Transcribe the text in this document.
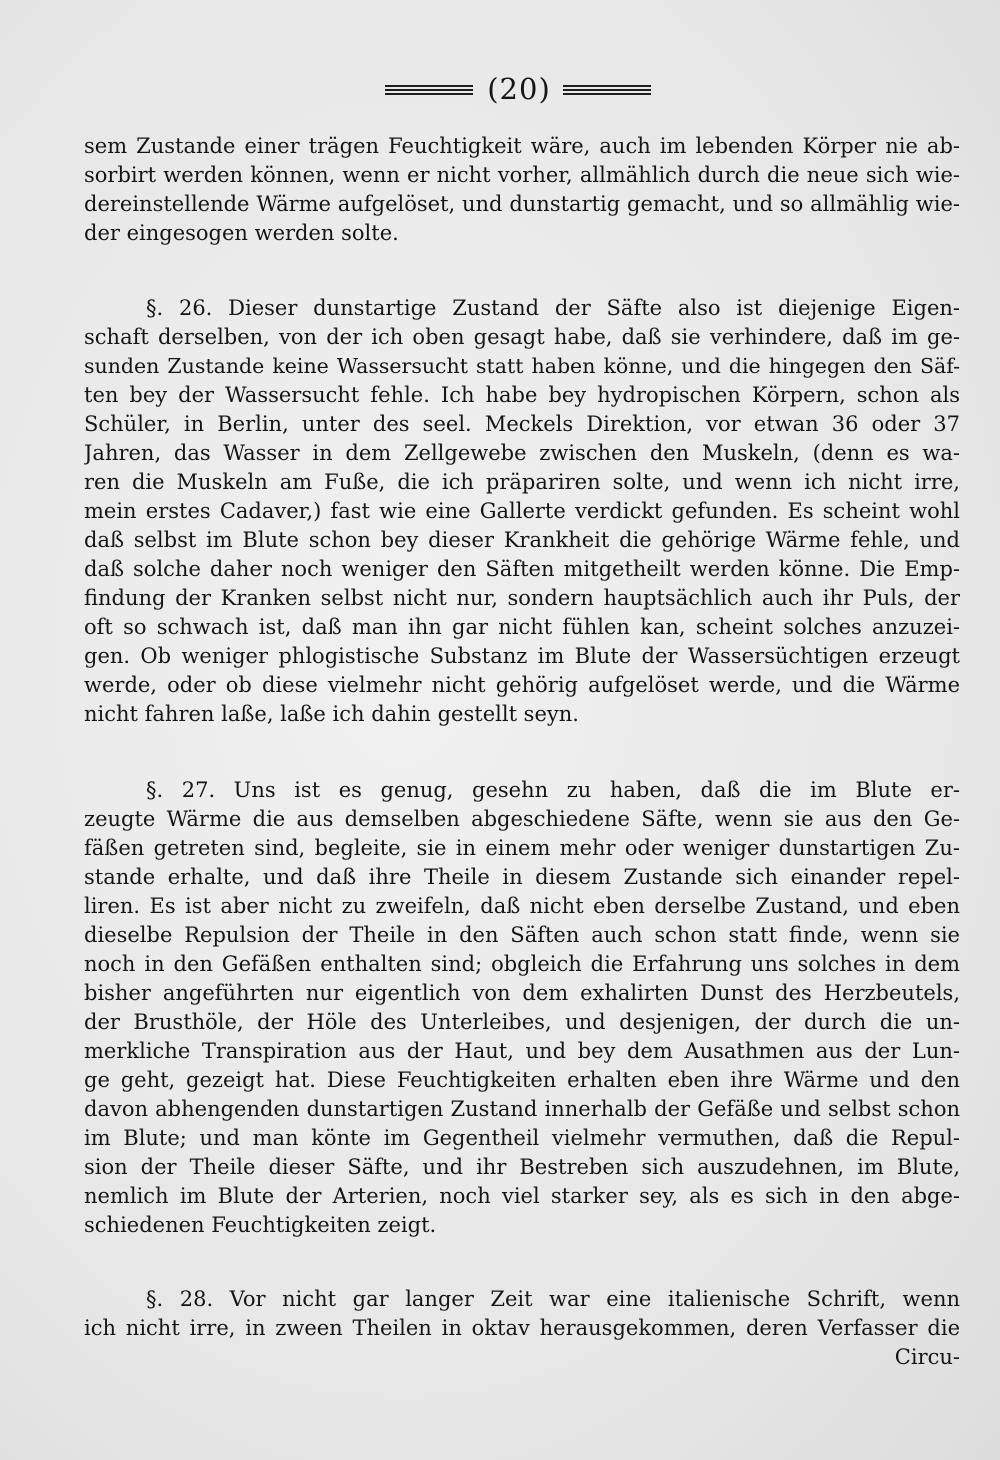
(20)
sem Zustande einer trägen Feuchtigkeit wäre, auch im lebenden Körper nie ab-
sorbirt werden können, wenn er nicht vorher, allmählich durch die neue sich wie-
dereinstellende Wärme aufgelöset, und dunstartig gemacht, und so allmählig wie-
der eingesogen werden solte.
§. 26. Dieser dunstartige Zustand der Säfte also ist diejenige Eigen-
schaft derselben, von der ich oben gesagt habe, daß sie verhindere, daß im ge-
sunden Zustande keine Wassersucht statt haben könne, und die hingegen den Säf-
ten bey der Wassersucht fehle. Ich habe bey hydropischen Körpern, schon als
Schüler, in Berlin, unter des seel. Meckels Direktion, vor etwan 36 oder 37
Jahren, das Wasser in dem Zellgewebe zwischen den Muskeln, (denn es wa-
ren die Muskeln am Fuße, die ich präpariren solte, und wenn ich nicht irre,
mein erstes Cadaver,) fast wie eine Gallerte verdickt gefunden. Es scheint wohl
daß selbst im Blute schon bey dieser Krankheit die gehörige Wärme fehle, und
daß solche daher noch weniger den Säften mitgetheilt werden könne. Die Emp-
findung der Kranken selbst nicht nur, sondern hauptsächlich auch ihr Puls, der
oft so schwach ist, daß man ihn gar nicht fühlen kan, scheint solches anzuzei-
gen. Ob weniger phlogistische Substanz im Blute der Wassersüchtigen erzeugt
werde, oder ob diese vielmehr nicht gehörig aufgelöset werde, und die Wärme
nicht fahren laße, laße ich dahin gestellt seyn.
§. 27. Uns ist es genug, gesehn zu haben, daß die im Blute er-
zeugte Wärme die aus demselben abgeschiedene Säfte, wenn sie aus den Ge-
fäßen getreten sind, begleite, sie in einem mehr oder weniger dunstartigen Zu-
stande erhalte, und daß ihre Theile in diesem Zustande sich einander repel-
liren. Es ist aber nicht zu zweifeln, daß nicht eben derselbe Zustand, und eben
dieselbe Repulsion der Theile in den Säften auch schon statt finde, wenn sie
noch in den Gefäßen enthalten sind; obgleich die Erfahrung uns solches in dem
bisher angeführten nur eigentlich von dem exhalirten Dunst des Herzbeutels,
der Brusthöle, der Höle des Unterleibes, und desjenigen, der durch die un-
merkliche Transpiration aus der Haut, und bey dem Ausathmen aus der Lun-
ge geht, gezeigt hat. Diese Feuchtigkeiten erhalten eben ihre Wärme und den
davon abhengenden dunstartigen Zustand innerhalb der Gefäße und selbst schon
im Blute; und man könte im Gegentheil vielmehr vermuthen, daß die Repul-
sion der Theile dieser Säfte, und ihr Bestreben sich auszudehnen, im Blute,
nemlich im Blute der Arterien, noch viel starker sey, als es sich in den abge-
schiedenen Feuchtigkeiten zeigt.
§. 28. Vor nicht gar langer Zeit war eine italienische Schrift, wenn
ich nicht irre, in zween Theilen in oktav herausgekommen, deren Verfasser die
Circu-
